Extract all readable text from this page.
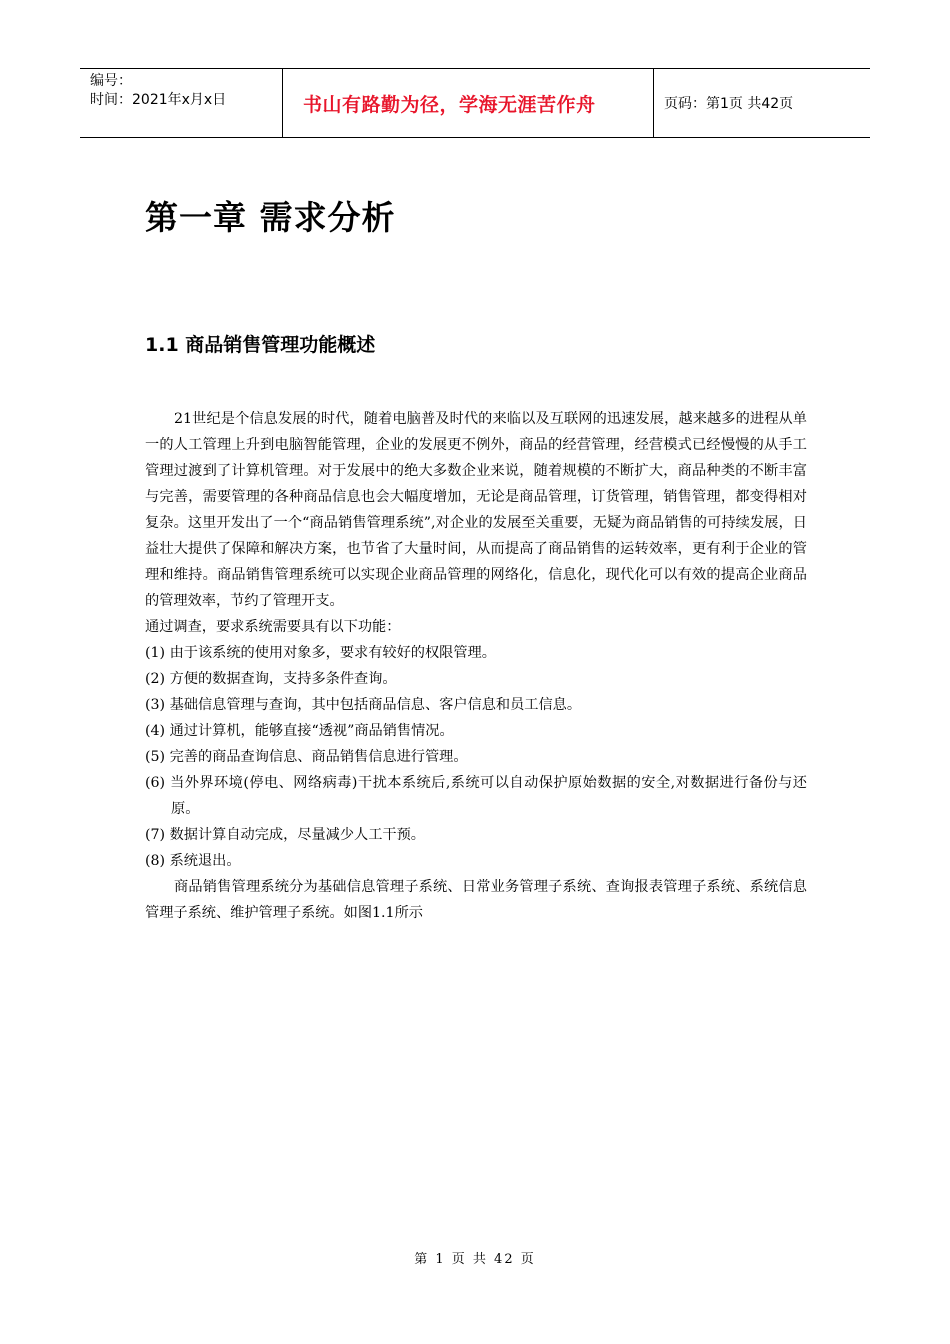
编号：
时间：2021年x月x日	书山有路勤为径，学海无涯苦作舟	页码：第1页 共42页
第一章 需求分析
1.1 商品销售管理功能概述

21世纪是个信息发展的时代，随着电脑普及时代的来临以及互联网的迅速发展，越来越多的进程从单一的人工管理上升到电脑智能管理，企业的发展更不例外，商品的经营管理，经营模式已经慢慢的从手工管理过渡到了计算机管理。对于发展中的绝大多数企业来说，随着规模的不断扩大，商品种类的不断丰富与完善，需要管理的各种商品信息也会大幅度增加，无论是商品管理，订货管理，销售管理，都变得相对复杂。这里开发出了一个“商品销售管理系统”,对企业的发展至关重要，无疑为商品销售的可持续发展，日益壮大提供了保障和解决方案，也节省了大量时间，从而提高了商品销售的运转效率，更有利于企业的管理和维持。商品销售管理系统可以实现企业商品管理的网络化，信息化，现代化可以有效的提高企业商品的管理效率，节约了管理开支。

通过调查，要求系统需要具有以下功能：

(1) 由于该系统的使用对象多，要求有较好的权限管理。

(2) 方便的数据查询，支持多条件查询。

(3) 基础信息管理与查询，其中包括商品信息、客户信息和员工信息。

(4) 通过计算机，能够直接“透视”商品销售情况。

(5) 完善的商品查询信息、商品销售信息进行管理。

(6) 当外界环境(停电、网络病毒)干扰本系统后,系统可以自动保护原始数据的安全,对数据进行备份与还原。

(7) 数据计算自动完成，尽量减少人工干预。

(8) 系统退出。

商品销售管理系统分为基础信息管理子系统、日常业务管理子系统、查询报表管理子系统、系统信息管理子系统、维护管理子系统。如图1.1所示

第 1 页 共 42 页
